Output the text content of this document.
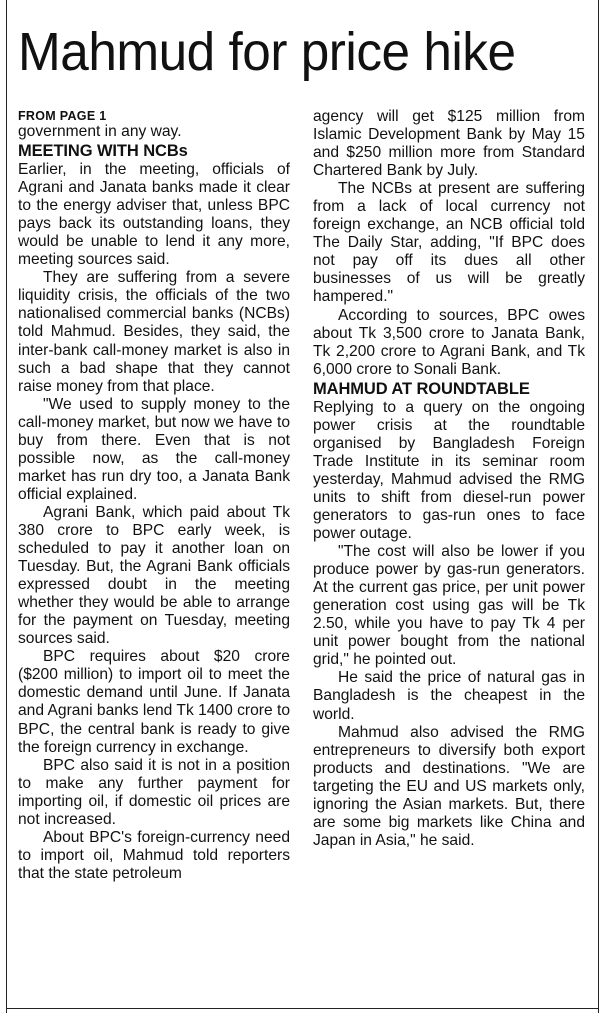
Mahmud for price hike

FROM PAGE 1

government in any way.

MEETING WITH NCBs

Earlier, in the meeting, officials of Agrani and Janata banks made it clear to the energy adviser that, unless BPC pays back its outstanding loans, they would be unable to lend it any more, meeting sources said.

They are suffering from a severe liquidity crisis, the officials of the two nationalised commercial banks (NCBs) told Mahmud. Besides, they said, the inter-bank call-money market is also in such a bad shape that they cannot raise money from that place.

"We used to supply money to the call-money market, but now we have to buy from there. Even that is not possible now, as the call-money market has run dry too, a Janata Bank official explained.

Agrani Bank, which paid about Tk 380 crore to BPC early week, is scheduled to pay it another loan on Tuesday. But, the Agrani Bank officials expressed doubt in the meeting whether they would be able to arrange for the payment on Tuesday, meeting sources said.

BPC requires about $20 crore ($200 million) to import oil to meet the domestic demand until June. If Janata and Agrani banks lend Tk 1400 crore to BPC, the central bank is ready to give the foreign currency in exchange.

BPC also said it is not in a position to make any further payment for importing oil, if domestic oil prices are not increased.

About BPC's foreign-currency need to import oil, Mahmud told reporters that the state petroleum

agency will get $125 million from Islamic Development Bank by May 15 and $250 million more from Standard Chartered Bank by July.

The NCBs at present are suffering from a lack of local currency not foreign exchange, an NCB official told The Daily Star, adding, "If BPC does not pay off its dues all other businesses of us will be greatly hampered."

According to sources, BPC owes about Tk 3,500 crore to Janata Bank, Tk 2,200 crore to Agrani Bank, and Tk 6,000 crore to Sonali Bank.

MAHMUD AT ROUNDTABLE

Replying to a query on the ongoing power crisis at the roundtable organised by Bangladesh Foreign Trade Institute in its seminar room yesterday, Mahmud advised the RMG units to shift from diesel-run power generators to gas-run ones to face power outage.

"The cost will also be lower if you produce power by gas-run generators. At the current gas price, per unit power generation cost using gas will be Tk 2.50, while you have to pay Tk 4 per unit power bought from the national grid," he pointed out.

He said the price of natural gas in Bangladesh is the cheapest in the world.

Mahmud also advised the RMG entrepreneurs to diversify both export products and destinations. "We are targeting the EU and US markets only, ignoring the Asian markets. But, there are some big markets like China and Japan in Asia," he said.
